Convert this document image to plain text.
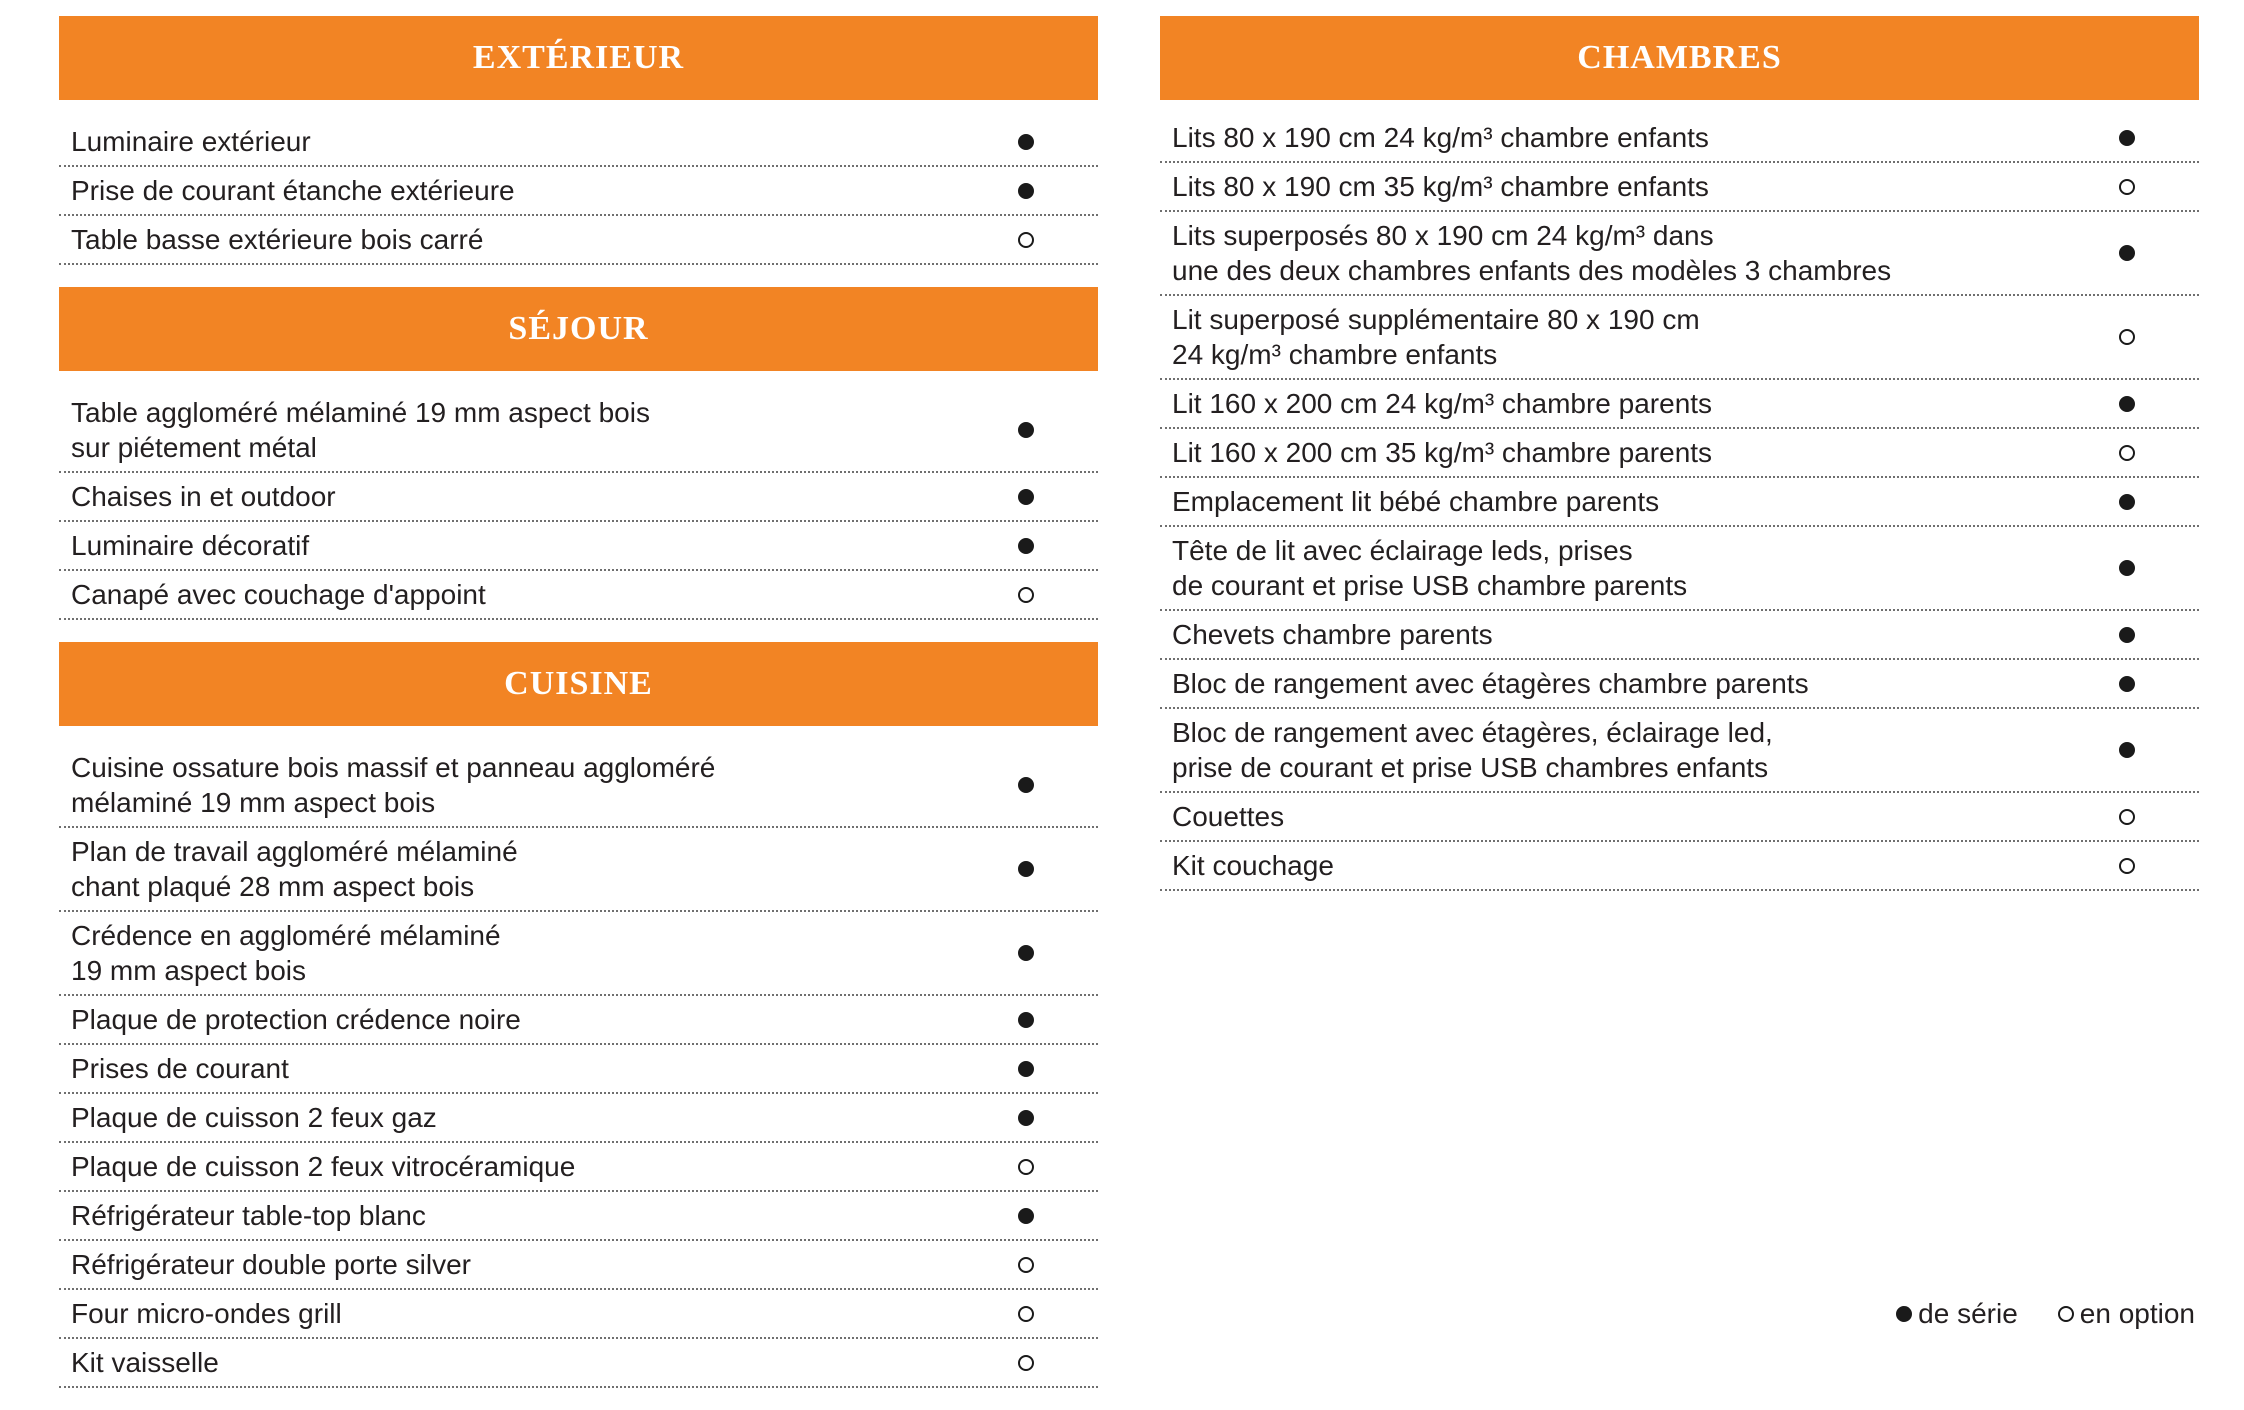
EXTÉRIEUR
Luminaire extérieur
Prise de courant étanche extérieure
Table basse extérieure bois carré
SÉJOUR
Table aggloméré mélaminé 19 mm aspect bois
sur piétement métal
Chaises in et outdoor
Luminaire décoratif
Canapé avec couchage d'appoint
CUISINE
Cuisine ossature bois massif et panneau aggloméré
mélaminé 19 mm aspect bois
Plan de travail aggloméré mélaminé
chant plaqué 28 mm aspect bois
Crédence en aggloméré mélaminé
19 mm aspect bois
Plaque de protection crédence noire
Prises de courant
Plaque de cuisson 2 feux gaz
Plaque de cuisson 2 feux vitrocéramique
Réfrigérateur table-top blanc
Réfrigérateur double porte silver
Four micro-ondes grill
Kit vaisselle
CHAMBRES
Lits 80 x 190 cm 24 kg/m³ chambre enfants
Lits 80 x 190 cm 35 kg/m³ chambre enfants
Lits superposés 80 x 190 cm 24 kg/m³ dans
une des deux chambres enfants des modèles 3 chambres
Lit superposé supplémentaire 80 x 190 cm
24 kg/m³ chambre enfants
Lit 160 x 200 cm 24 kg/m³ chambre parents
Lit 160 x 200 cm 35 kg/m³ chambre parents
Emplacement lit bébé chambre parents
Tête de lit avec éclairage leds, prises
de courant et prise USB chambre parents
Chevets chambre parents
Bloc de rangement avec étagères chambre parents
Bloc de rangement avec étagères, éclairage led,
prise de courant et prise USB chambres enfants
Couettes
Kit couchage
de série en option
